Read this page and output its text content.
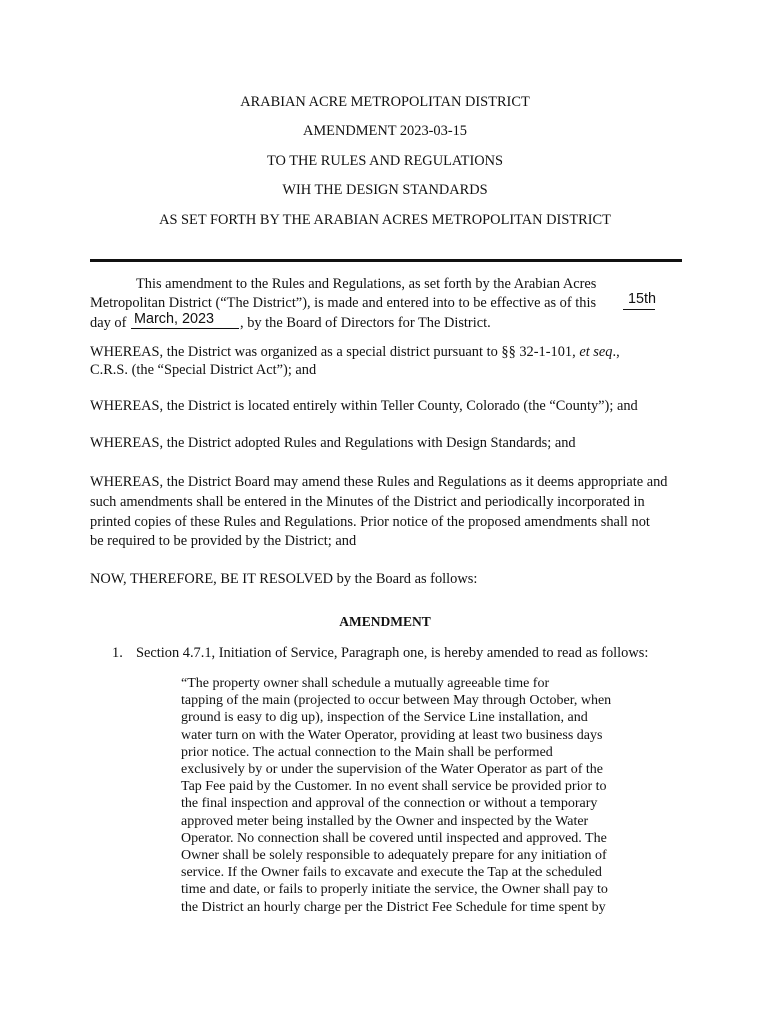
ARABIAN ACRE METROPOLITAN DISTRICT
AMENDMENT 2023-03-15
TO THE RULES AND REGULATIONS
WIH THE DESIGN STANDARDS
AS SET FORTH BY THE ARABIAN ACRES METROPOLITAN DISTRICT
This amendment to the Rules and Regulations, as set forth by the Arabian Acres
Metropolitan District (“The District”), is made and entered into to be effective as of this 15th
day of March, 2023 , by the Board of Directors for The District.
WHEREAS, the District was organized as a special district pursuant to §§ 32-1-101, et seq.,
C.R.S. (the “Special District Act”); and
WHEREAS, the District is located entirely within Teller County, Colorado (the “County”); and
WHEREAS, the District adopted Rules and Regulations with Design Standards; and
WHEREAS, the District Board may amend these Rules and Regulations as it deems appropriate and
such amendments shall be entered in the Minutes of the District and periodically incorporated in
printed copies of these Rules and Regulations. Prior notice of the proposed amendments shall not
be required to be provided by the District; and
NOW, THEREFORE, BE IT RESOLVED by the Board as follows:
AMENDMENT
1. Section 4.7.1, Initiation of Service, Paragraph one, is hereby amended to read as follows:

“The property owner shall schedule a mutually agreeable time for

tapping of the main (projected to occur between May through October, when

ground is easy to dig up), inspection of the Service Line installation, and

water turn on with the Water Operator, providing at least two business days

prior notice. The actual connection to the Main shall be performed

exclusively by or under the supervision of the Water Operator as part of the

Tap Fee paid by the Customer. In no event shall service be provided prior to

the final inspection and approval of the connection or without a temporary

approved meter being installed by the Owner and inspected by the Water

Operator. No connection shall be covered until inspected and approved. The

Owner shall be solely responsible to adequately prepare for any initiation of

service. If the Owner fails to excavate and execute the Tap at the scheduled

time and date, or fails to properly initiate the service, the Owner shall pay to

the District an hourly charge per the District Fee Schedule for time spent by
